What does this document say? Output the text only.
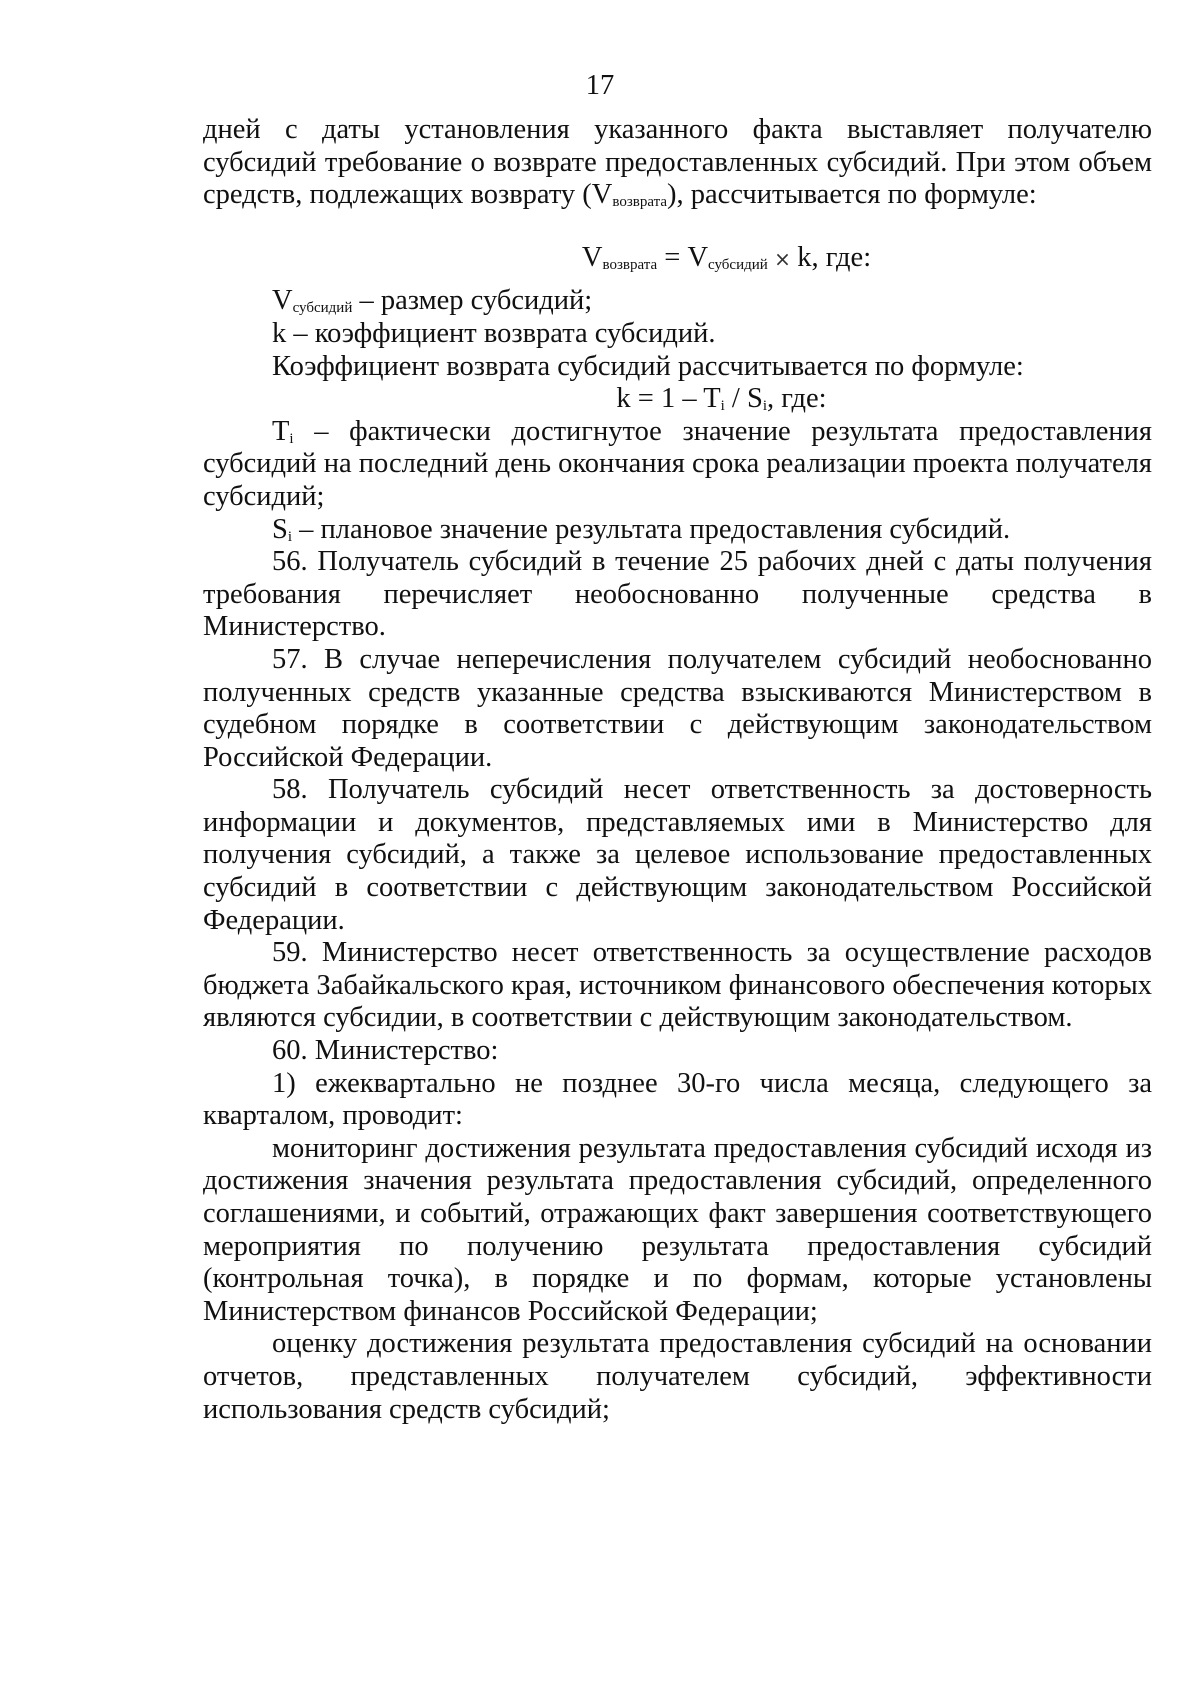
17

дней с даты установления указанного факта выставляет получателю субсидий требование о возврате предоставленных субсидий. При этом объем средств, подлежащих возврату $(V_{возврата})$, рассчитывается по формуле:

$V_{возврата} = V_{субсидий} \times k$, где:

$V_{субсидий}$ – размер субсидий;

k – коэффициент возврата субсидий.

Коэффициент возврата субсидий рассчитывается по формуле:

$k = 1 - T_i / S_i$, где:

$T_i$ – фактически достигнутое значение результата предоставления субсидий на последний день окончания срока реализации проекта получателя субсидий;

$S_i$ – плановое значение результата предоставления субсидий.

56. Получатель субсидий в течение 25 рабочих дней с даты получения требования перечисляет необоснованно полученные средства в Министерство.

57. В случае неперечисления получателем субсидий необоснованно полученных средств указанные средства взыскиваются Министерством в судебном порядке в соответствии с действующим законодательством Российской Федерации.

58. Получатель субсидий несет ответственность за достоверность информации и документов, представляемых ими в Министерство для получения субсидий, а также за целевое использование предоставленных субсидий в соответствии с действующим законодательством Российской Федерации.

59. Министерство несет ответственность за осуществление расходов бюджета Забайкальского края, источником финансового обеспечения которых являются субсидии, в соответствии с действующим законодательством.

60. Министерство:

1) ежеквартально не позднее 30-го числа месяца, следующего за кварталом, проводит:

мониторинг достижения результата предоставления субсидий исходя из достижения значения результата предоставления субсидий, определенного соглашениями, и событий, отражающих факт завершения соответствующего мероприятия по получению результата предоставления субсидий (контрольная точка), в порядке и по формам, которые установлены Министерством финансов Российской Федерации;

оценку достижения результата предоставления субсидий на основании отчетов, представленных получателем субсидий, эффективности использования средств субсидий;
